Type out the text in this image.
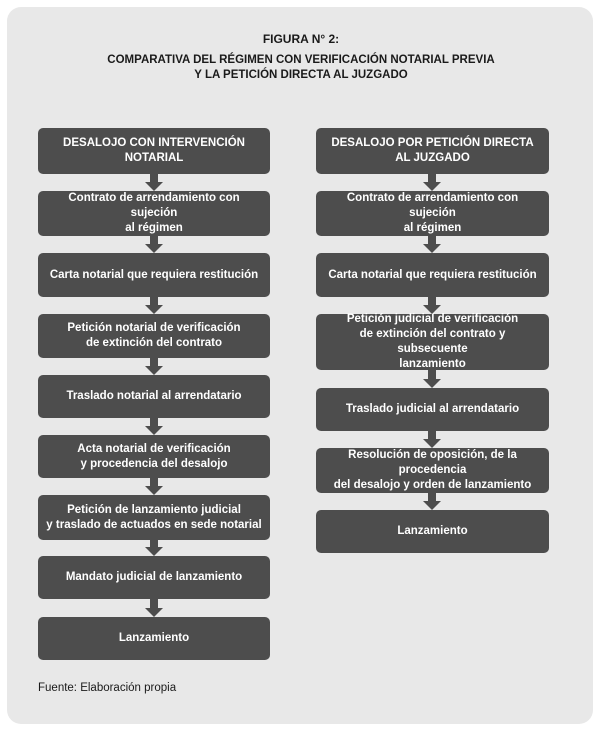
FIGURA N° 2:
COMPARATIVA DEL RÉGIMEN CON VERIFICACIÓN NOTARIAL PREVIA
Y LA PETICIÓN DIRECTA AL JUZGADO
DESALOJO CON INTERVENCIÓN NOTARIAL
Contrato de arrendamiento con sujeción
al régimen
Carta notarial que requiera restitución
Petición notarial de verificación
de extinción del contrato
Traslado notarial al arrendatario
Acta notarial de verificación
y procedencia del desalojo
Petición de lanzamiento judicial
y traslado de actuados en sede notarial
Mandato judicial de lanzamiento
Lanzamiento
DESALOJO POR PETICIÓN DIRECTA
AL JUZGADO
Contrato de arrendamiento con sujeción
al régimen
Carta notarial que requiera restitución
Petición judicial de verificación
de extinción del contrato y subsecuente
lanzamiento
Traslado judicial al arrendatario
Resolución de oposición, de la procedencia
del desalojo y orden de lanzamiento
Lanzamiento
Fuente: Elaboración propia
